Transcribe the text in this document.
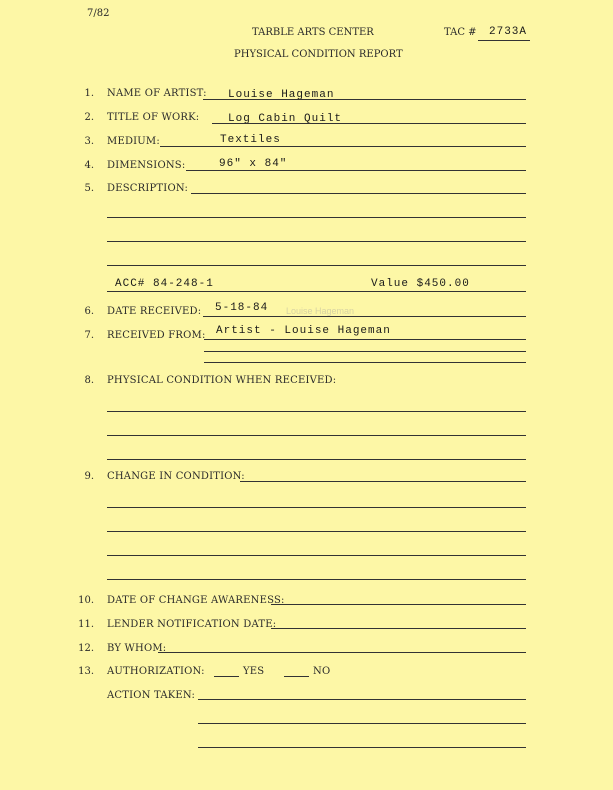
7/82
TARBLE ARTS CENTER	TAC # 2733A
PHYSICAL CONDITION REPORT
1. NAME OF ARTIST: Louise Hageman
2. TITLE OF WORK:	Log Cabin Quilt
3. MEDIUM:	Textiles
4. DIMENSIONS:	96" x 84"
5. DESCRIPTION:
ACC# 84-248-1	Value $450.00
6. DATE RECEIVED: 5-18-84 Louise Hageman
7. RECEIVED FROM: Artist - Louise Hageman
8. PHYSICAL CONDITION WHEN RECEIVED:
9. CHANGE IN CONDITION:
10. DATE OF CHANGE AWARENESS:
11. LENDER NOTIFICATION DATE:
12. BY WHOM:
13. AUTHORIZATION:	YES	NO
ACTION TAKEN:
